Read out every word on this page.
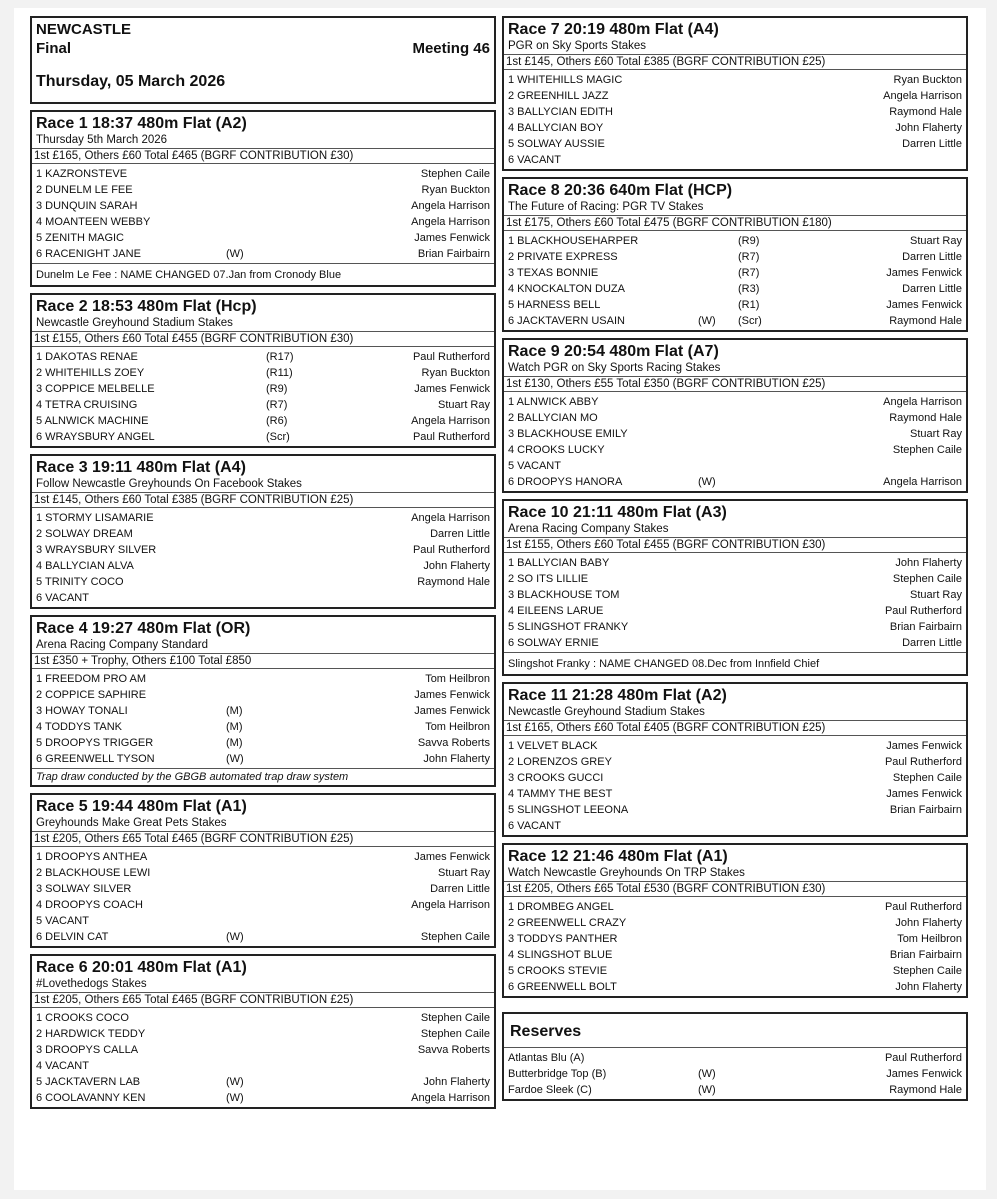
NEWCASTLE
Final	Meeting 46
Thursday, 05 March 2026
Race 1 18:37 480m Flat (A2)
Thursday 5th March 2026
1st £165, Others £60 Total £465 (BGRF CONTRIBUTION £30)
1 KAZRONSTEVE	Stephen Caile
2 DUNELM LE FEE	Ryan Buckton
3 DUNQUIN SARAH	Angela Harrison
4 MOANTEEN WEBBY	Angela Harrison
5 ZENITH MAGIC	James Fenwick
6 RACENIGHT JANE	(W)	Brian Fairbairn
Dunelm Le Fee : NAME CHANGED 07.Jan from Cronody Blue
Race 2 18:53 480m Flat (Hcp)
Newcastle Greyhound Stadium Stakes
1st £155, Others £60 Total £455 (BGRF CONTRIBUTION £30)
1 DAKOTAS RENAE	(R17)	Paul Rutherford
2 WHITEHILLS ZOEY	(R11)	Ryan Buckton
3 COPPICE MELBELLE	(R9)	James Fenwick
4 TETRA CRUISING	(R7)	Stuart Ray
5 ALNWICK MACHINE	(R6)	Angela Harrison
6 WRAYSBURY ANGEL	(Scr)	Paul Rutherford
Race 3 19:11 480m Flat (A4)
Follow Newcastle Greyhounds On Facebook Stakes
1st £145, Others £60 Total £385 (BGRF CONTRIBUTION £25)
1 STORMY LISAMARIE	Angela Harrison
2 SOLWAY DREAM	Darren Little
3 WRAYSBURY SILVER	Paul Rutherford
4 BALLYCIAN ALVA	John Flaherty
5 TRINITY COCO	Raymond Hale
6 VACANT
Race 4 19:27 480m Flat (OR)
Arena Racing Company Standard
1st £350 + Trophy, Others £100 Total £850
1 FREEDOM PRO AM	Tom Heilbron
2 COPPICE SAPHIRE	James Fenwick
3 HOWAY TONALI	(M)	James Fenwick
4 TODDYS TANK	(M)	Tom Heilbron
5 DROOPYS TRIGGER	(M)	Savva Roberts
6 GREENWELL TYSON	(W)	John Flaherty
Trap draw conducted by the GBGB automated trap draw system
Race 5 19:44 480m Flat (A1)
Greyhounds Make Great Pets Stakes
1st £205, Others £65 Total £465 (BGRF CONTRIBUTION £25)
1 DROOPYS ANTHEA	James Fenwick
2 BLACKHOUSE LEWI	Stuart Ray
3 SOLWAY SILVER	Darren Little
4 DROOPYS COACH	Angela Harrison
5 VACANT
6 DELVIN CAT	(W)	Stephen Caile
Race 6 20:01 480m Flat (A1)
#Lovethedogs Stakes
1st £205, Others £65 Total £465 (BGRF CONTRIBUTION £25)
1 CROOKS COCO	Stephen Caile
2 HARDWICK TEDDY	Stephen Caile
3 DROOPYS CALLA	Savva Roberts
4 VACANT
5 JACKTAVERN LAB	(W)	John Flaherty
6 COOLAVANNY KEN	(W)	Angela Harrison
Race 7 20:19 480m Flat (A4)
PGR on Sky Sports Stakes
1st £145, Others £60 Total £385 (BGRF CONTRIBUTION £25)
1 WHITEHILLS MAGIC	Ryan Buckton
2 GREENHILL JAZZ	Angela Harrison
3 BALLYCIAN EDITH	Raymond Hale
4 BALLYCIAN BOY	John Flaherty
5 SOLWAY AUSSIE	Darren Little
6 VACANT
Race 8 20:36 640m Flat (HCP)
The Future of Racing: PGR TV Stakes
1st £175, Others £60 Total £475 (BGRF CONTRIBUTION £180)
1 BLACKHOUSEHARPER	(R9)	Stuart Ray
2 PRIVATE EXPRESS	(R7)	Darren Little
3 TEXAS BONNIE	(R7)	James Fenwick
4 KNOCKALTON DUZA	(R3)	Darren Little
5 HARNESS BELL	(R1)	James Fenwick
6 JACKTAVERN USAIN	(W)	(Scr)	Raymond Hale
Race 9 20:54 480m Flat (A7)
Watch PGR on Sky Sports Racing Stakes
1st £130, Others £55 Total £350 (BGRF CONTRIBUTION £25)
1 ALNWICK ABBY	Angela Harrison
2 BALLYCIAN MO	Raymond Hale
3 BLACKHOUSE EMILY	Stuart Ray
4 CROOKS LUCKY	Stephen Caile
5 VACANT
6 DROOPYS HANORA	(W)	Angela Harrison
Race 10 21:11 480m Flat (A3)
Arena Racing Company Stakes
1st £155, Others £60 Total £455 (BGRF CONTRIBUTION £30)
1 BALLYCIAN BABY	John Flaherty
2 SO ITS LILLIE	Stephen Caile
3 BLACKHOUSE TOM	Stuart Ray
4 EILEENS LARUE	Paul Rutherford
5 SLINGSHOT FRANKY	Brian Fairbairn
6 SOLWAY ERNIE	Darren Little
Slingshot Franky : NAME CHANGED 08.Dec from Innfield Chief
Race 11 21:28 480m Flat (A2)
Newcastle Greyhound Stadium Stakes
1st £165, Others £60 Total £405 (BGRF CONTRIBUTION £25)
1 VELVET BLACK	James Fenwick
2 LORENZOS GREY	Paul Rutherford
3 CROOKS GUCCI	Stephen Caile
4 TAMMY THE BEST	James Fenwick
5 SLINGSHOT LEEONA	Brian Fairbairn
6 VACANT
Race 12 21:46 480m Flat (A1)
Watch Newcastle Greyhounds On TRP Stakes
1st £205, Others £65 Total £530 (BGRF CONTRIBUTION £30)
1 DROMBEG ANGEL	Paul Rutherford
2 GREENWELL CRAZY	John Flaherty
3 TODDYS PANTHER	Tom Heilbron
4 SLINGSHOT BLUE	Brian Fairbairn
5 CROOKS STEVIE	Stephen Caile
6 GREENWELL BOLT	John Flaherty
Reserves
Atlantas Blu (A)	Paul Rutherford
Butterbridge Top (B)	(W)	James Fenwick
Fardoe Sleek (C)	(W)	Raymond Hale
